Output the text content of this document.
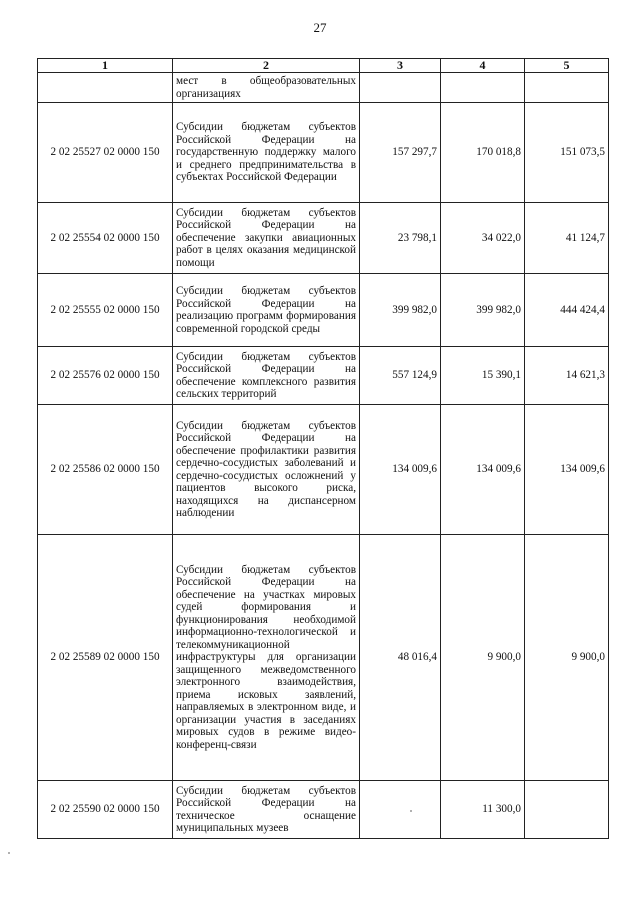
27
1	2	3	4	5
	мест в общеобразовательных организациях			
2 02 25527 02 0000 150	Субсидии бюджетам субъектов Российской Федерации на государственную поддержку малого и среднего предпринимательства в субъектах Российской Федерации	157 297,7	170 018,8	151 073,5
2 02 25554 02 0000 150	Субсидии бюджетам субъектов Российской Федерации на обеспечение закупки авиационных работ в целях оказания медицинской помощи	23 798,1	34 022,0	41 124,7
2 02 25555 02 0000 150	Субсидии бюджетам субъектов Российской Федерации на реализацию программ формирования современной городской среды	399 982,0	399 982,0	444 424,4
2 02 25576 02 0000 150	Субсидии бюджетам субъектов Российской Федерации на обеспечение комплексного развития сельских территорий	557 124,9	15 390,1	14 621,3
2 02 25586 02 0000 150	Субсидии бюджетам субъектов Российской Федерации на обеспечение профилактики развития сердечно-сосудистых заболеваний и сердечно-сосудистых осложнений у пациентов высокого риска, находящихся на диспансерном наблюдении	134 009,6	134 009,6	134 009,6
2 02 25589 02 0000 150	Субсидии бюджетам субъектов Российской Федерации на обеспечение на участках мировых судей формирования и функционирования необходимой информационно-технологической и телекоммуникационной инфраструктуры для организации защищенного межведомственного электронного взаимодействия, приема исковых заявлений, направляемых в электронном виде, и организации участия в заседаниях мировых судов в режиме видео-конференц-связи	48 016,4	9 900,0	9 900,0
2 02 25590 02 0000 150	Субсидии бюджетам субъектов Российской Федерации на техническое оснащение муниципальных музеев		11 300,0	
